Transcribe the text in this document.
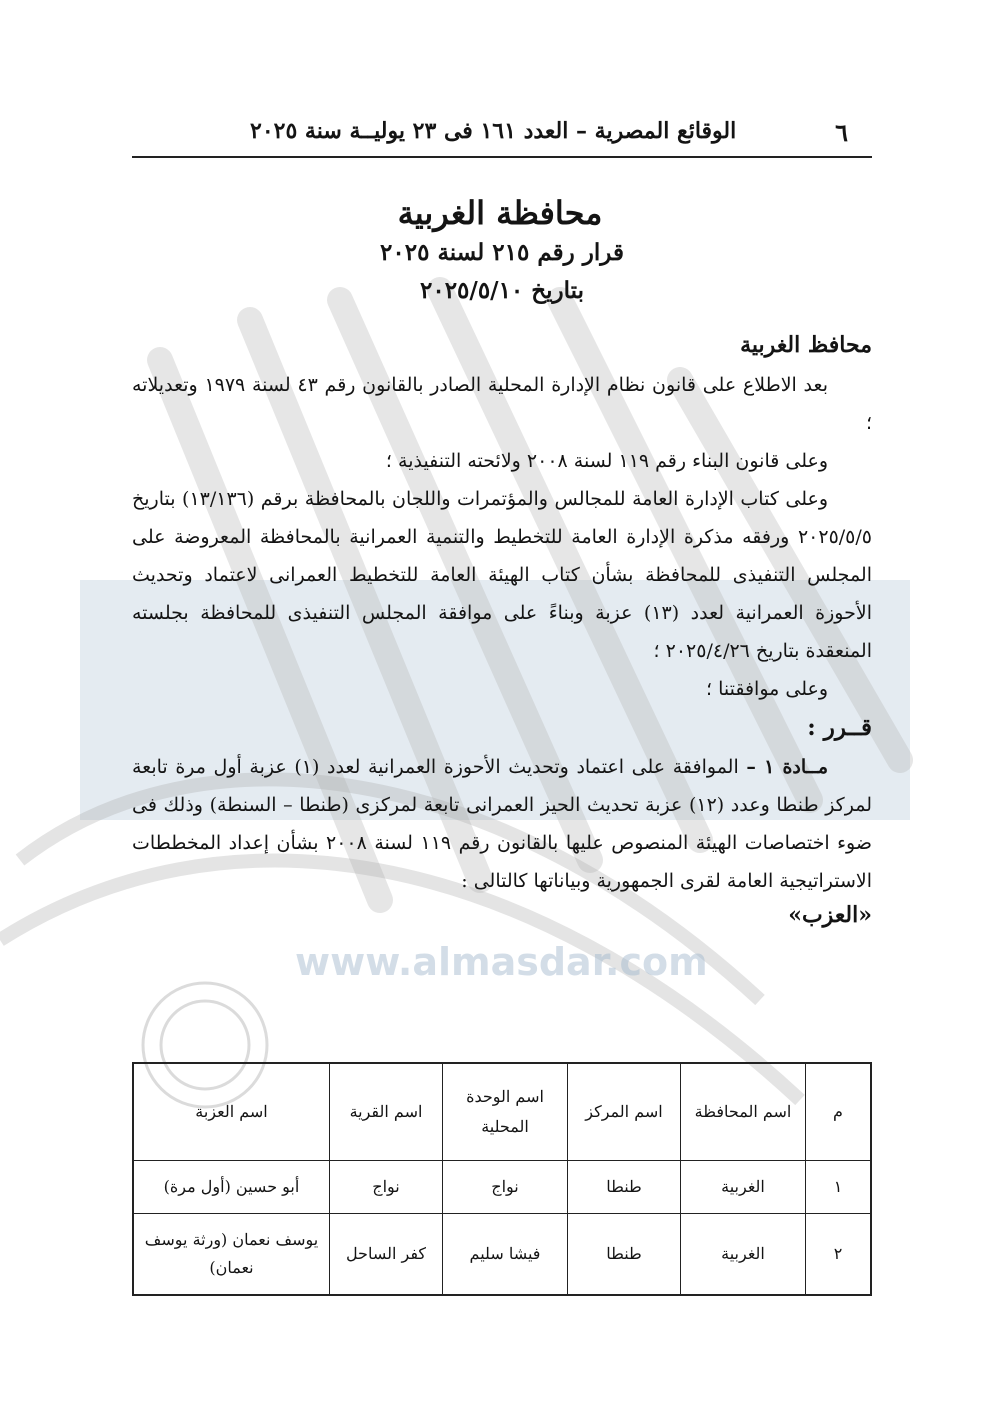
www.almasdar.com
٦
الوقائع المصرية – العدد ١٦١ فى ٢٣ يوليــة سنة ٢٠٢٥

محافظة الغربية

قرار رقم ٢١٥ لسنة ٢٠٢٥

بتاريخ ٢٠٢٥/٥/١٠

محافظ الغربية

بعد الاطلاع على قانون نظام الإدارة المحلية الصادر بالقانون رقم ٤٣ لسنة ١٩٧٩ وتعديلاته ؛

وعلى قانون البناء رقم ١١٩ لسنة ٢٠٠٨ ولائحته التنفيذية ؛

وعلى كتاب الإدارة العامة للمجالس والمؤتمرات واللجان بالمحافظة برقم (١٣/١٣٦) بتاريخ ٢٠٢٥/٥/٥ ورفقه مذكرة الإدارة العامة للتخطيط والتنمية العمرانية بالمحافظة المعروضة على المجلس التنفيذى للمحافظة بشأن كتاب الهيئة العامة للتخطيط العمرانى لاعتماد وتحديث الأحوزة العمرانية لعدد (١٣) عزبة وبناءً على موافقة المجلس التنفيذى للمحافظة بجلسته المنعقدة بتاريخ ٢٠٢٥/٤/٢٦ ؛

وعلى موافقتنا ؛

قــرر :

مــادة ١ – الموافقة على اعتماد وتحديث الأحوزة العمرانية لعدد (١) عزبة أول مرة تابعة لمركز طنطا وعدد (١٢) عزبة تحديث الحيز العمرانى تابعة لمركزى (طنطا – السنطة) وذلك فى ضوء اختصاصات الهيئة المنصوص عليها بالقانون رقم ١١٩ لسنة ٢٠٠٨ بشأن إعداد المخططات الاستراتيجية العامة لقرى الجمهورية وبياناتها كالتالى :

«العزب»

م	اسم المحافظة	اسم المركز	اسم الوحدة المحلية	اسم القرية	اسم العزبة
١	الغربية	طنطا	نواج	نواج	أبو حسين (أول مرة)
٢	الغربية	طنطا	فيشا سليم	كفر الساحل	يوسف نعمان (ورثة يوسف نعمان)
